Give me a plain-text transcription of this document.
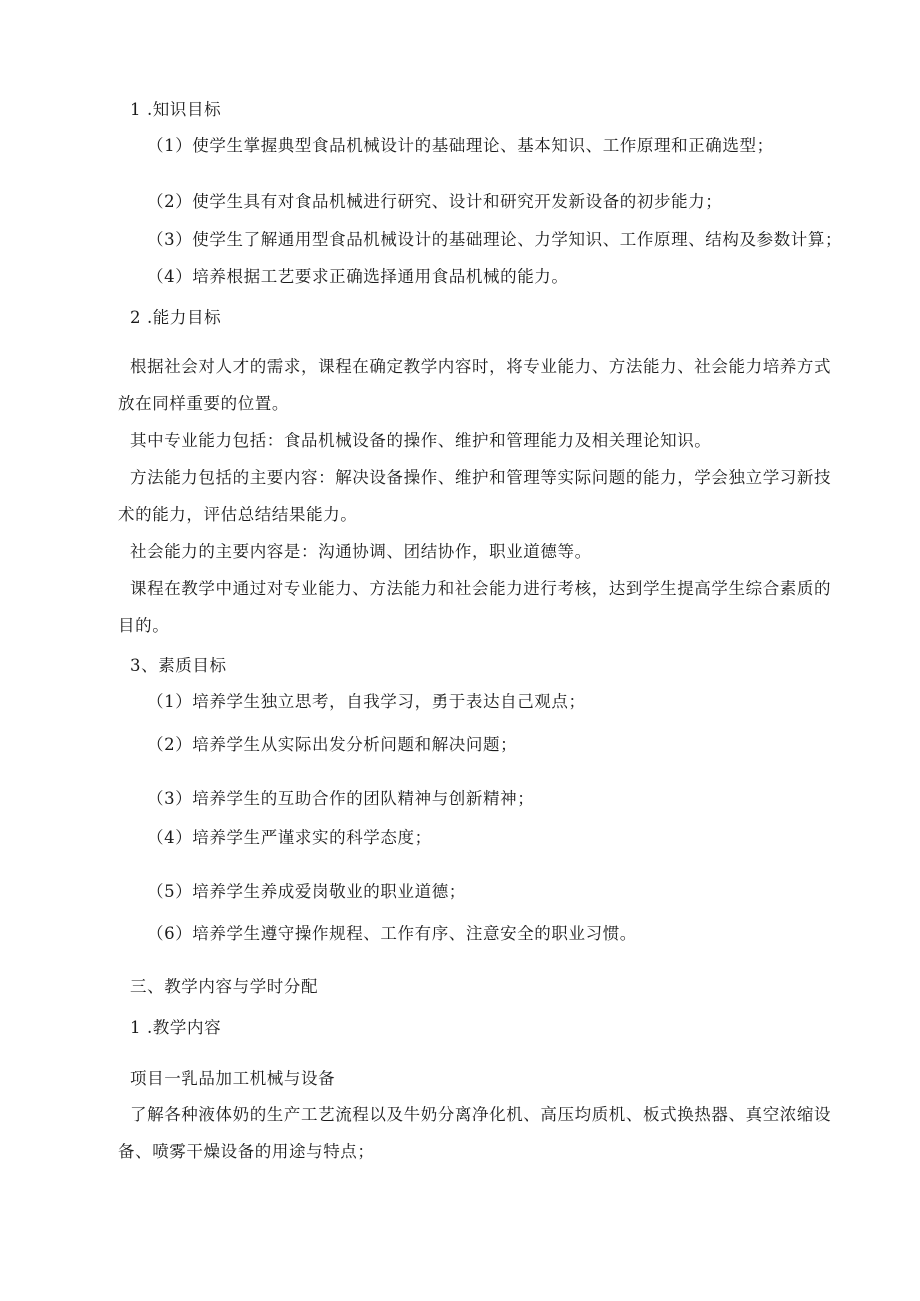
1 .知识目标
（1）使学生掌握典型食品机械设计的基础理论、基本知识、工作原理和正确选型；
（2）使学生具有对食品机械进行研究、设计和研究开发新设备的初步能力；
（3）使学生了解通用型食品机械设计的基础理论、力学知识、工作原理、结构及参数计算；
（4）培养根据工艺要求正确选择通用食品机械的能力。
2 .能力目标
根据社会对人才的需求，课程在确定教学内容时，将专业能力、方法能力、社会能力培养方式
放在同样重要的位置。
其中专业能力包括：食品机械设备的操作、维护和管理能力及相关理论知识。
方法能力包括的主要内容：解决设备操作、维护和管理等实际问题的能力，学会独立学习新技
术的能力，评估总结结果能力。
社会能力的主要内容是：沟通协调、团结协作，职业道德等。
课程在教学中通过对专业能力、方法能力和社会能力进行考核，达到学生提高学生综合素质的
目的。
3、素质目标
（1）培养学生独立思考，自我学习，勇于表达自己观点；
（2）培养学生从实际出发分析问题和解决问题；
（3）培养学生的互助合作的团队精神与创新精神；
（4）培养学生严谨求实的科学态度；
（5）培养学生养成爱岗敬业的职业道德；
（6）培养学生遵守操作规程、工作有序、注意安全的职业习惯。
三、教学内容与学时分配
1 .教学内容
项目一乳品加工机械与设备
了解各种液体奶的生产工艺流程以及牛奶分离净化机、高压均质机、板式换热器、真空浓缩设
备、喷雾干燥设备的用途与特点；
